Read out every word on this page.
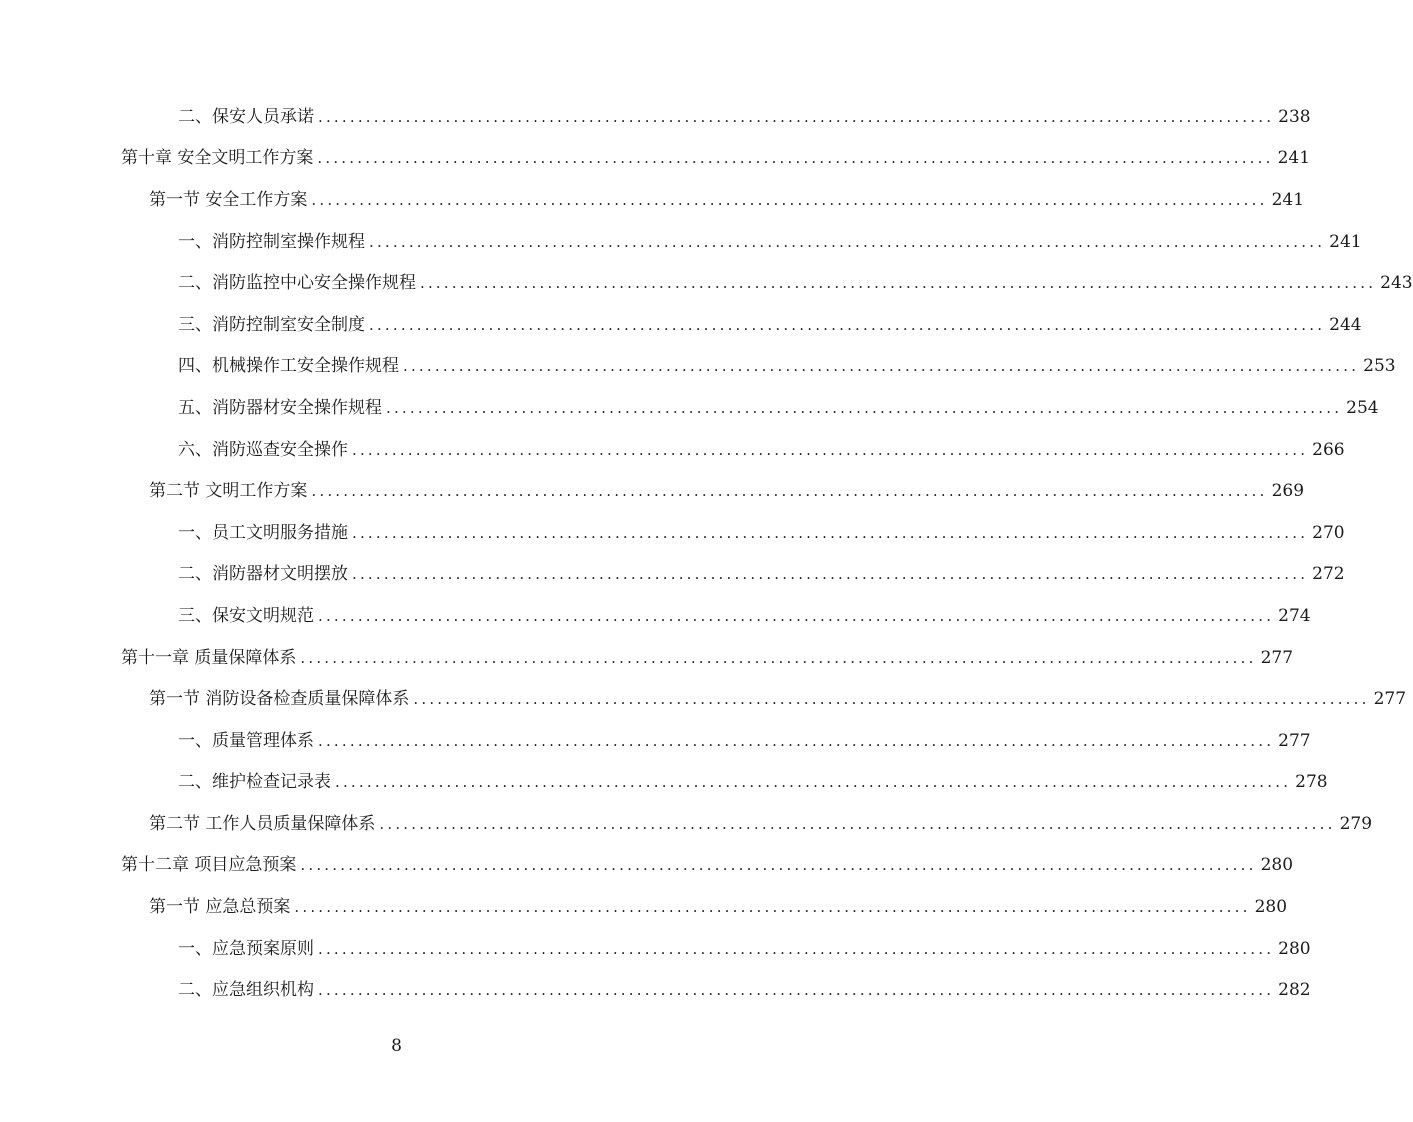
二、保安人员承诺 ........................................................................................................................ 238
第十章 安全文明工作方案 ........................................................................................................................ 241
第一节 安全工作方案 ........................................................................................................................ 241
一、消防控制室操作规程 ........................................................................................................................ 241
二、消防监控中心安全操作规程 ........................................................................................................................ 243
三、消防控制室安全制度 ........................................................................................................................ 244
四、机械操作工安全操作规程 ........................................................................................................................ 253
五、消防器材安全操作规程 ........................................................................................................................ 254
六、消防巡查安全操作 ........................................................................................................................ 266
第二节 文明工作方案 ........................................................................................................................ 269
一、员工文明服务措施 ........................................................................................................................ 270
二、消防器材文明摆放 ........................................................................................................................ 272
三、保安文明规范 ........................................................................................................................ 274
第十一章 质量保障体系 ........................................................................................................................ 277
第一节 消防设备检查质量保障体系 ........................................................................................................................ 277
一、质量管理体系 ........................................................................................................................ 277
二、维护检查记录表 ........................................................................................................................ 278
第二节 工作人员质量保障体系 ........................................................................................................................ 279
第十二章 项目应急预案 ........................................................................................................................ 280
第一节 应急总预案 ........................................................................................................................ 280
一、应急预案原则 ........................................................................................................................ 280
二、应急组织机构 ........................................................................................................................ 282
8
